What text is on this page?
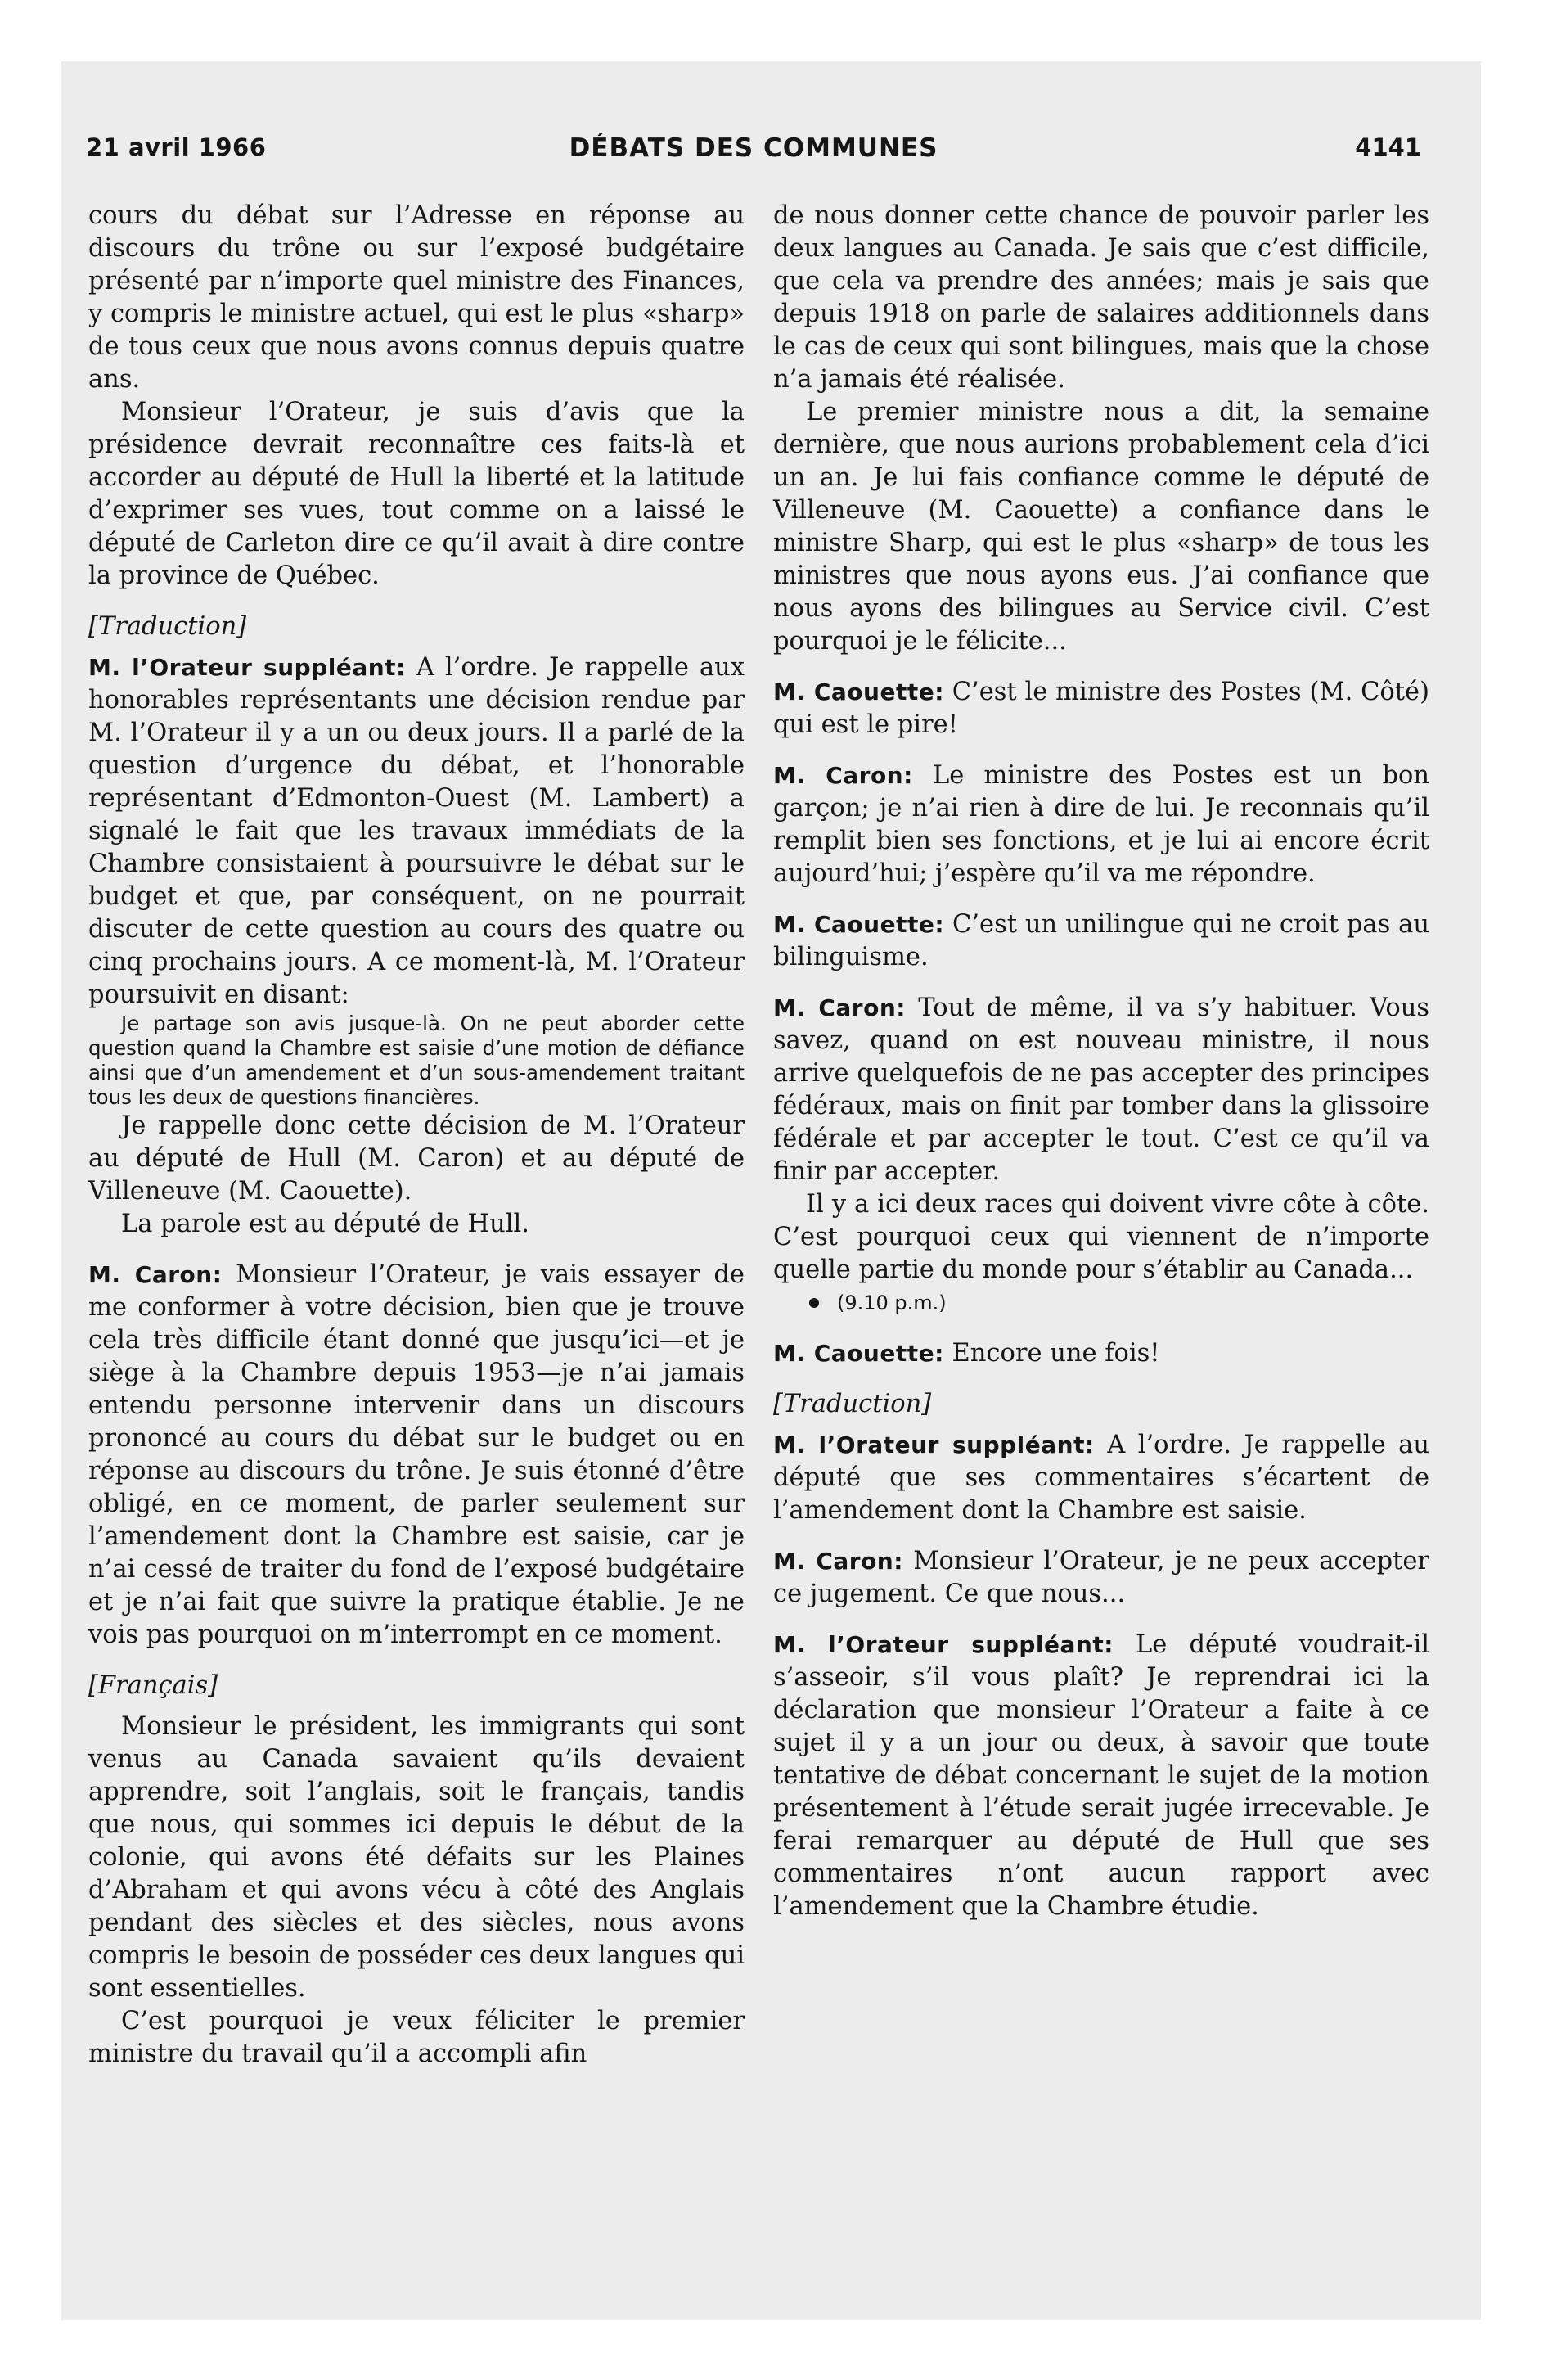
21 avril 1966	DÉBATS DES COMMUNES	4141

cours du débat sur l’Adresse en réponse au discours du trône ou sur l’exposé budgétaire présenté par n’importe quel ministre des Finances, y compris le ministre actuel, qui est le plus «sharp» de tous ceux que nous avons connus depuis quatre ans.

Monsieur l’Orateur, je suis d’avis que la présidence devrait reconnaître ces faits-là et accorder au député de Hull la liberté et la latitude d’exprimer ses vues, tout comme on a laissé le député de Carleton dire ce qu’il avait à dire contre la province de Québec.

[Traduction]

M. l’Orateur suppléant: A l’ordre. Je rappelle aux honorables représentants une décision rendue par M. l’Orateur il y a un ou deux jours. Il a parlé de la question d’urgence du débat, et l’honorable représentant d’Edmonton-Ouest (M. Lambert) a signalé le fait que les travaux immédiats de la Chambre consistaient à poursuivre le débat sur le budget et que, par conséquent, on ne pourrait discuter de cette question au cours des quatre ou cinq prochains jours. A ce moment-là, M. l’Orateur poursuivit en disant:

Je partage son avis jusque-là. On ne peut aborder cette question quand la Chambre est saisie d’une motion de défiance ainsi que d’un amendement et d’un sous-amendement traitant tous les deux de questions financières.

Je rappelle donc cette décision de M. l’Orateur au député de Hull (M. Caron) et au député de Villeneuve (M. Caouette).

La parole est au député de Hull.

M. Caron: Monsieur l’Orateur, je vais essayer de me conformer à votre décision, bien que je trouve cela très difficile étant donné que jusqu’ici—et je siège à la Chambre depuis 1953—je n’ai jamais entendu personne intervenir dans un discours prononcé au cours du débat sur le budget ou en réponse au discours du trône. Je suis étonné d’être obligé, en ce moment, de parler seulement sur l’amendement dont la Chambre est saisie, car je n’ai cessé de traiter du fond de l’exposé budgétaire et je n’ai fait que suivre la pratique établie. Je ne vois pas pourquoi on m’interrompt en ce moment.

[Français]

Monsieur le président, les immigrants qui sont venus au Canada savaient qu’ils devaient apprendre, soit l’anglais, soit le français, tandis que nous, qui sommes ici depuis le début de la colonie, qui avons été défaits sur les Plaines d’Abraham et qui avons vécu à côté des Anglais pendant des siècles et des siècles, nous avons compris le besoin de posséder ces deux langues qui sont essentielles.

C’est pourquoi je veux féliciter le premier ministre du travail qu’il a accompli afin

de nous donner cette chance de pouvoir parler les deux langues au Canada. Je sais que c’est difficile, que cela va prendre des années; mais je sais que depuis 1918 on parle de salaires additionnels dans le cas de ceux qui sont bilingues, mais que la chose n’a jamais été réalisée.

Le premier ministre nous a dit, la semaine dernière, que nous aurions probablement cela d’ici un an. Je lui fais confiance comme le député de Villeneuve (M. Caouette) a confiance dans le ministre Sharp, qui est le plus «sharp» de tous les ministres que nous ayons eus. J’ai confiance que nous ayons des bilingues au Service civil. C’est pourquoi je le félicite...

M. Caouette: C’est le ministre des Postes (M. Côté) qui est le pire!

M. Caron: Le ministre des Postes est un bon garçon; je n’ai rien à dire de lui. Je reconnais qu’il remplit bien ses fonctions, et je lui ai encore écrit aujourd’hui; j’espère qu’il va me répondre.

M. Caouette: C’est un unilingue qui ne croit pas au bilinguisme.

M. Caron: Tout de même, il va s’y habituer. Vous savez, quand on est nouveau ministre, il nous arrive quelquefois de ne pas accepter des principes fédéraux, mais on finit par tomber dans la glissoire fédérale et par accepter le tout. C’est ce qu’il va finir par accepter.

Il y a ici deux races qui doivent vivre côte à côte. C’est pourquoi ceux qui viennent de n’importe quelle partie du monde pour s’établir au Canada...

(9.10 p.m.)

M. Caouette: Encore une fois!

[Traduction]

M. l’Orateur suppléant: A l’ordre. Je rappelle au député que ses commentaires s’écartent de l’amendement dont la Chambre est saisie.

M. Caron: Monsieur l’Orateur, je ne peux accepter ce jugement. Ce que nous...

M. l’Orateur suppléant: Le député voudrait-il s’asseoir, s’il vous plaît? Je reprendrai ici la déclaration que monsieur l’Orateur a faite à ce sujet il y a un jour ou deux, à savoir que toute tentative de débat concernant le sujet de la motion présentement à l’étude serait jugée irrecevable. Je ferai remarquer au député de Hull que ses commentaires n’ont aucun rapport avec l’amendement que la Chambre étudie.
